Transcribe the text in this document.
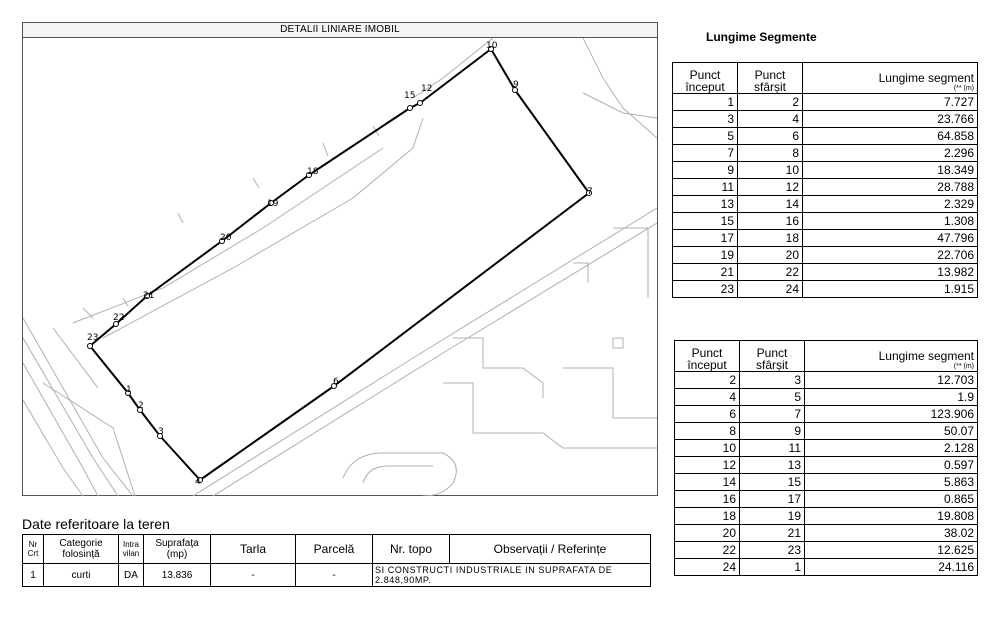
DETALII LINIARE IMOBIL
1
2
3
4
6
7
9
10
12
15
18
19
20
21
22
23
Date referitoare la teren
Nr Crt	Categorie folosință	Intra vilan	Suprafața (mp)	Tarla	Parcelă	Nr. topo	Observații / Referințe
1	curti	DA	13.836	-	-	SI CONSTRUCTI INDUSTRIALE IN SUPRAFATA DE 2.848,90MP.	
Lungime Segmente
Punct început	Punct sfârșit	Lungime segment
(** (m)

1	2	7.727
3	4	23.766
5	6	64.858
7	8	2.296
9	10	18.349
11	12	28.788
13	14	2.329
15	16	1.308
17	18	47.796
19	20	22.706
21	22	13.982
23	24	1.915
Punct început	Punct sfârșit	Lungime segment
(** (m)

2	3	12.703
4	5	1.9
6	7	123.906
8	9	50.07
10	11	2.128
12	13	0.597
14	15	5.863
16	17	0.865
18	19	19.808
20	21	38.02
22	23	12.625
24	1	24.116
